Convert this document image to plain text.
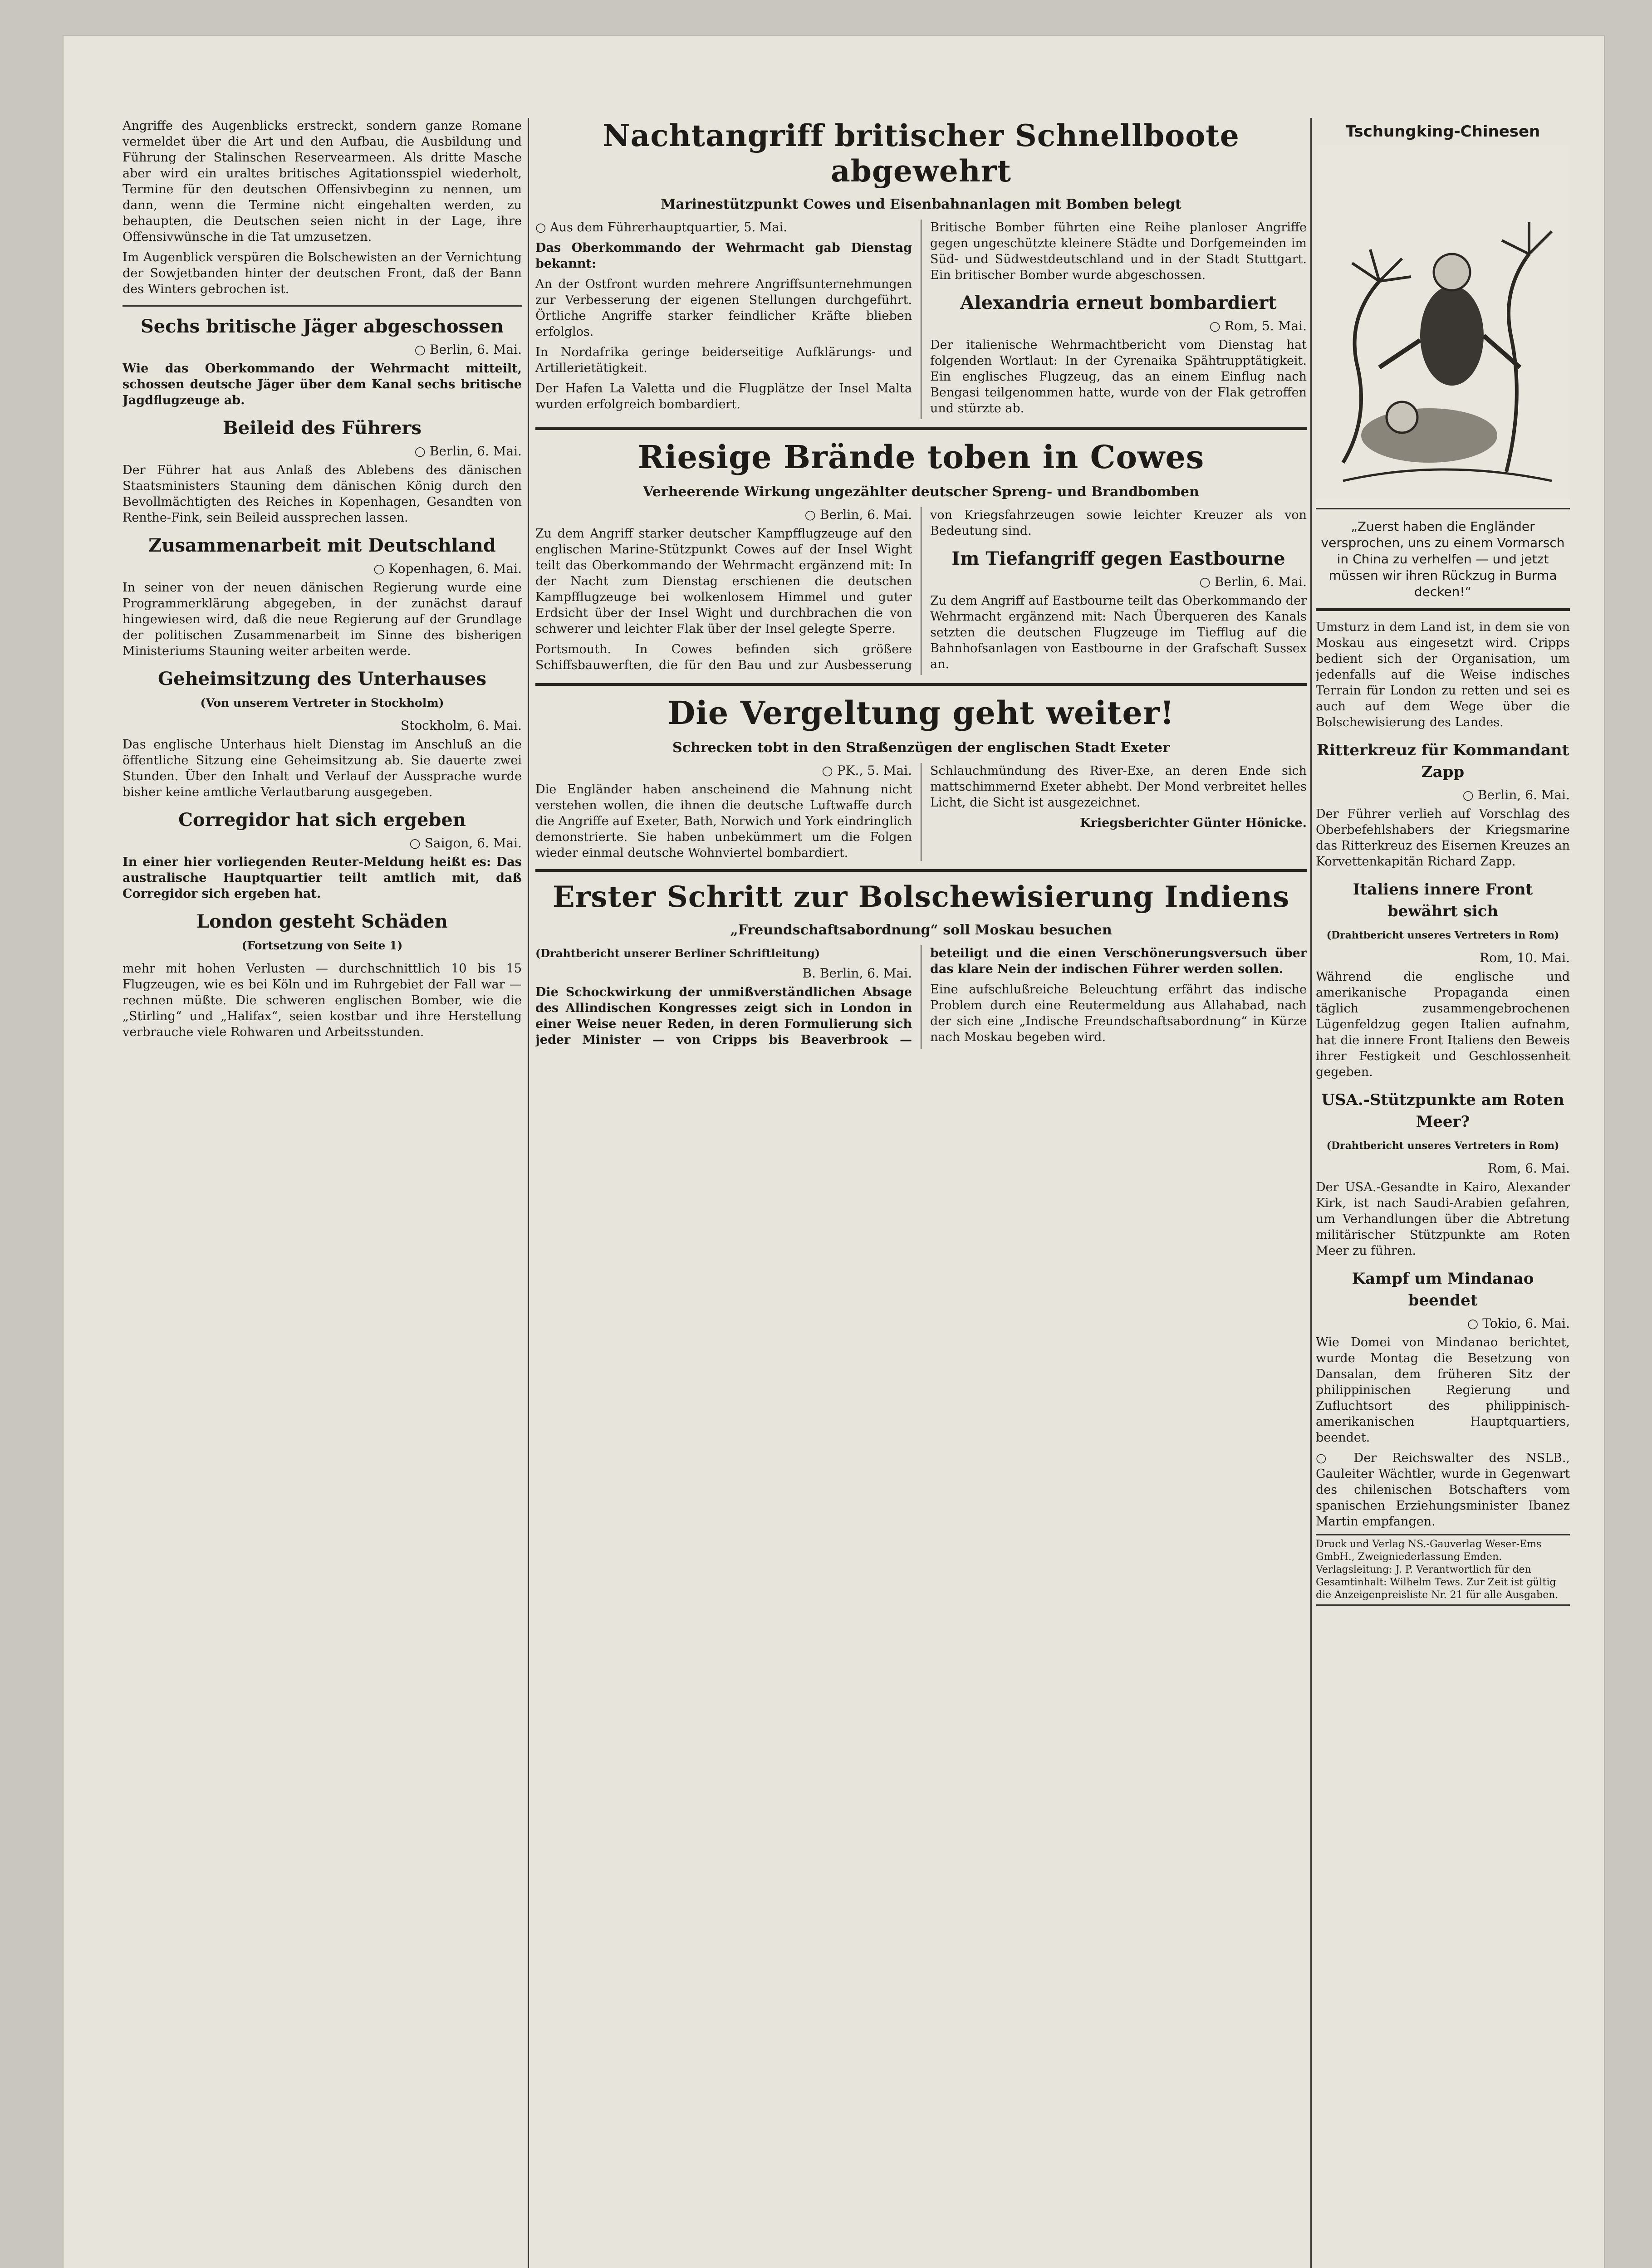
Angriffe des Augenblicks erstreckt, sondern ganze Romane vermeldet über die Art und den Aufbau, die Ausbildung und Führung der Stalinschen Reservearmeen. Als dritte Masche aber wird ein uraltes britisches Agitationsspiel wiederholt, Termine für den deutschen Offensivbeginn zu nennen, um dann, wenn die Termine nicht eingehalten werden, zu behaupten, die Deutschen seien nicht in der Lage, ihre Offensivwünsche in die Tat umzusetzen.

Im Augenblick verspüren die Bolschewisten an der Vernichtung der Sowjetbanden hinter der deutschen Front, daß der Bann des Winters gebrochen ist.

Sechs britische Jäger abgeschossen
○ Berlin, 6. Mai.

Wie das Oberkommando der Wehrmacht mitteilt, schossen deutsche Jäger über dem Kanal sechs britische Jagdflugzeuge ab.

Beileid des Führers
○ Berlin, 6. Mai.

Der Führer hat aus Anlaß des Ablebens des dänischen Staatsministers Stauning dem dänischen König durch den Bevollmächtigten des Reiches in Kopenhagen, Gesandten von Renthe-Fink, sein Beileid aussprechen lassen.

Zusammenarbeit mit Deutschland
○ Kopenhagen, 6. Mai.

In seiner von der neuen dänischen Regierung wurde eine Programmerklärung abgegeben, in der zunächst darauf hingewiesen wird, daß die neue Regierung auf der Grundlage der politischen Zusammenarbeit im Sinne des bisherigen Ministeriums Stauning weiter arbeiten werde.

Geheimsitzung des Unterhauses
(Von unserem Vertreter in Stockholm)
Stockholm, 6. Mai.

Das englische Unterhaus hielt Dienstag im Anschluß an die öffentliche Sitzung eine Geheimsitzung ab. Sie dauerte zwei Stunden. Über den Inhalt und Verlauf der Aussprache wurde bisher keine amtliche Verlautbarung ausgegeben.

Corregidor hat sich ergeben
○ Saigon, 6. Mai.

In einer hier vorliegenden Reuter-Meldung heißt es: Das australische Hauptquartier teilt amtlich mit, daß Corregidor sich ergeben hat.

London gesteht Schäden
(Fortsetzung von Seite 1)

mehr mit hohen Verlusten — durchschnittlich 10 bis 15 Flugzeugen, wie es bei Köln und im Ruhrgebiet der Fall war — rechnen müßte. Die schweren englischen Bomber, wie die „Stirling“ und „Halifax“, seien kostbar und ihre Herstellung verbrauche viele Rohwaren und Arbeitsstunden.

Nachtangriff britischer Schnellboote abgewehrt
Marinestützpunkt Cowes und Eisenbahnanlagen mit Bomben belegt

○ Aus dem Führerhauptquartier, 5. Mai.

Das Oberkommando der Wehrmacht gab Dienstag bekannt:

An der Ostfront wurden mehrere Angriffsunternehmungen zur Verbesserung der eigenen Stellungen durchgeführt. Örtliche Angriffe starker feindlicher Kräfte blieben erfolglos.

In Nordafrika geringe beiderseitige Aufklärungs- und Artillerietätigkeit.

Der Hafen La Valetta und die Flugplätze der Insel Malta wurden erfolgreich bombardiert.

Britische Bomber führten eine Reihe planloser Angriffe gegen ungeschützte kleinere Städte und Dorfgemeinden im Süd- und Südwestdeutschland und in der Stadt Stuttgart. Ein britischer Bomber wurde abgeschossen.

Alexandria erneut bombardiert
○ Rom, 5. Mai.

Der italienische Wehrmachtbericht vom Dienstag hat folgenden Wortlaut: In der Cyrenaika Spähtrupptätigkeit. Ein englisches Flugzeug, das an einem Einflug nach Bengasi teilgenommen hatte, wurde von der Flak getroffen und stürzte ab.

Riesige Brände toben in Cowes
Verheerende Wirkung ungezählter deutscher Spreng- und Brandbomben
○ Berlin, 6. Mai.

Zu dem Angriff starker deutscher Kampfflugzeuge auf den englischen Marine-Stützpunkt Cowes auf der Insel Wight teilt das Oberkommando der Wehrmacht ergänzend mit: In der Nacht zum Dienstag erschienen die deutschen Kampfflugzeuge bei wolkenlosem Himmel und guter Erdsicht über der Insel Wight und durchbrachen die von schwerer und leichter Flak über der Insel gelegte Sperre.

Portsmouth. In Cowes befinden sich größere Schiffsbauwerften, die für den Bau und zur Ausbesserung von Kriegsfahrzeugen sowie leichter Kreuzer als von Bedeutung sind.

Im Tiefangriff gegen Eastbourne
○ Berlin, 6. Mai.

Zu dem Angriff auf Eastbourne teilt das Oberkommando der Wehrmacht ergänzend mit: Nach Überqueren des Kanals setzten die deutschen Flugzeuge im Tiefflug auf die Bahnhofsanlagen von Eastbourne in der Grafschaft Sussex an.

Die Vergeltung geht weiter!
Schrecken tobt in den Straßenzügen der englischen Stadt Exeter
○ PK., 5. Mai.

Die Engländer haben anscheinend die Mahnung nicht verstehen wollen, die ihnen die deutsche Luftwaffe durch die Angriffe auf Exeter, Bath, Norwich und York eindringlich demonstrierte. Sie haben unbekümmert um die Folgen wieder einmal deutsche Wohnviertel bombardiert.

Schlauchmündung des River-Exe, an deren Ende sich mattschimmernd Exeter abhebt. Der Mond verbreitet helles Licht, die Sicht ist ausgezeichnet.

Kriegsberichter Günter Hönicke.

Erster Schritt zur Bolschewisierung Indiens
„Freundschaftsabordnung“ soll Moskau besuchen

(Drahtbericht unserer Berliner Schriftleitung)

B. Berlin, 6. Mai.

Die Schockwirkung der unmißverständlichen Absage des Allindischen Kongresses zeigt sich in London in einer Weise neuer Reden, in deren Formulierung sich jeder Minister — von Cripps bis Beaverbrook — beteiligt und die einen Verschönerungsversuch über das klare Nein der indischen Führer werden sollen.

Eine aufschlußreiche Beleuchtung erfährt das indische Problem durch eine Reutermeldung aus Allahabad, nach der sich eine „Indische Freundschaftsabordnung“ in Kürze nach Moskau begeben wird.

Tschungking-Chinesen
„Zuerst haben die Engländer versprochen, uns zu einem Vormarsch in China zu verhelfen — und jetzt müssen wir ihren Rückzug in Burma decken!“

Umsturz in dem Land ist, in dem sie von Moskau aus eingesetzt wird. Cripps bedient sich der Organisation, um jedenfalls auf die Weise indisches Terrain für London zu retten und sei es auch auf dem Wege über die Bolschewisierung des Landes.

Ritterkreuz für Kommandant Zapp
○ Berlin, 6. Mai.

Der Führer verlieh auf Vorschlag des Oberbefehlshabers der Kriegsmarine das Ritterkreuz des Eisernen Kreuzes an Korvettenkapitän Richard Zapp.

Italiens innere Front bewährt sich
(Drahtbericht unseres Vertreters in Rom)
Rom, 10. Mai.

Während die englische und amerikanische Propaganda einen täglich zusammengebrochenen Lügenfeldzug gegen Italien aufnahm, hat die innere Front Italiens den Beweis ihrer Festigkeit und Geschlossenheit gegeben.

USA.-Stützpunkte am Roten Meer?
(Drahtbericht unseres Vertreters in Rom)
Rom, 6. Mai.

Der USA.-Gesandte in Kairo, Alexander Kirk, ist nach Saudi-Arabien gefahren, um Verhandlungen über die Abtretung militärischer Stützpunkte am Roten Meer zu führen.

Kampf um Mindanao beendet
○ Tokio, 6. Mai.

Wie Domei von Mindanao berichtet, wurde Montag die Besetzung von Dansalan, dem früheren Sitz der philippinischen Regierung und Zufluchtsort des philippinisch-amerikanischen Hauptquartiers, beendet.

○ Der Reichswalter des NSLB., Gauleiter Wächtler, wurde in Gegenwart des chilenischen Botschafters vom spanischen Erziehungsminister Ibanez Martin empfangen.

Druck und Verlag NS.-Gauverlag Weser-Ems GmbH., Zweigniederlassung Emden. Verlagsleitung: J. P. Verantwortlich für den Gesamtinhalt: Wilhelm Tews. Zur Zeit ist gültig die Anzeigenpreisliste Nr. 21 für alle Ausgaben.
